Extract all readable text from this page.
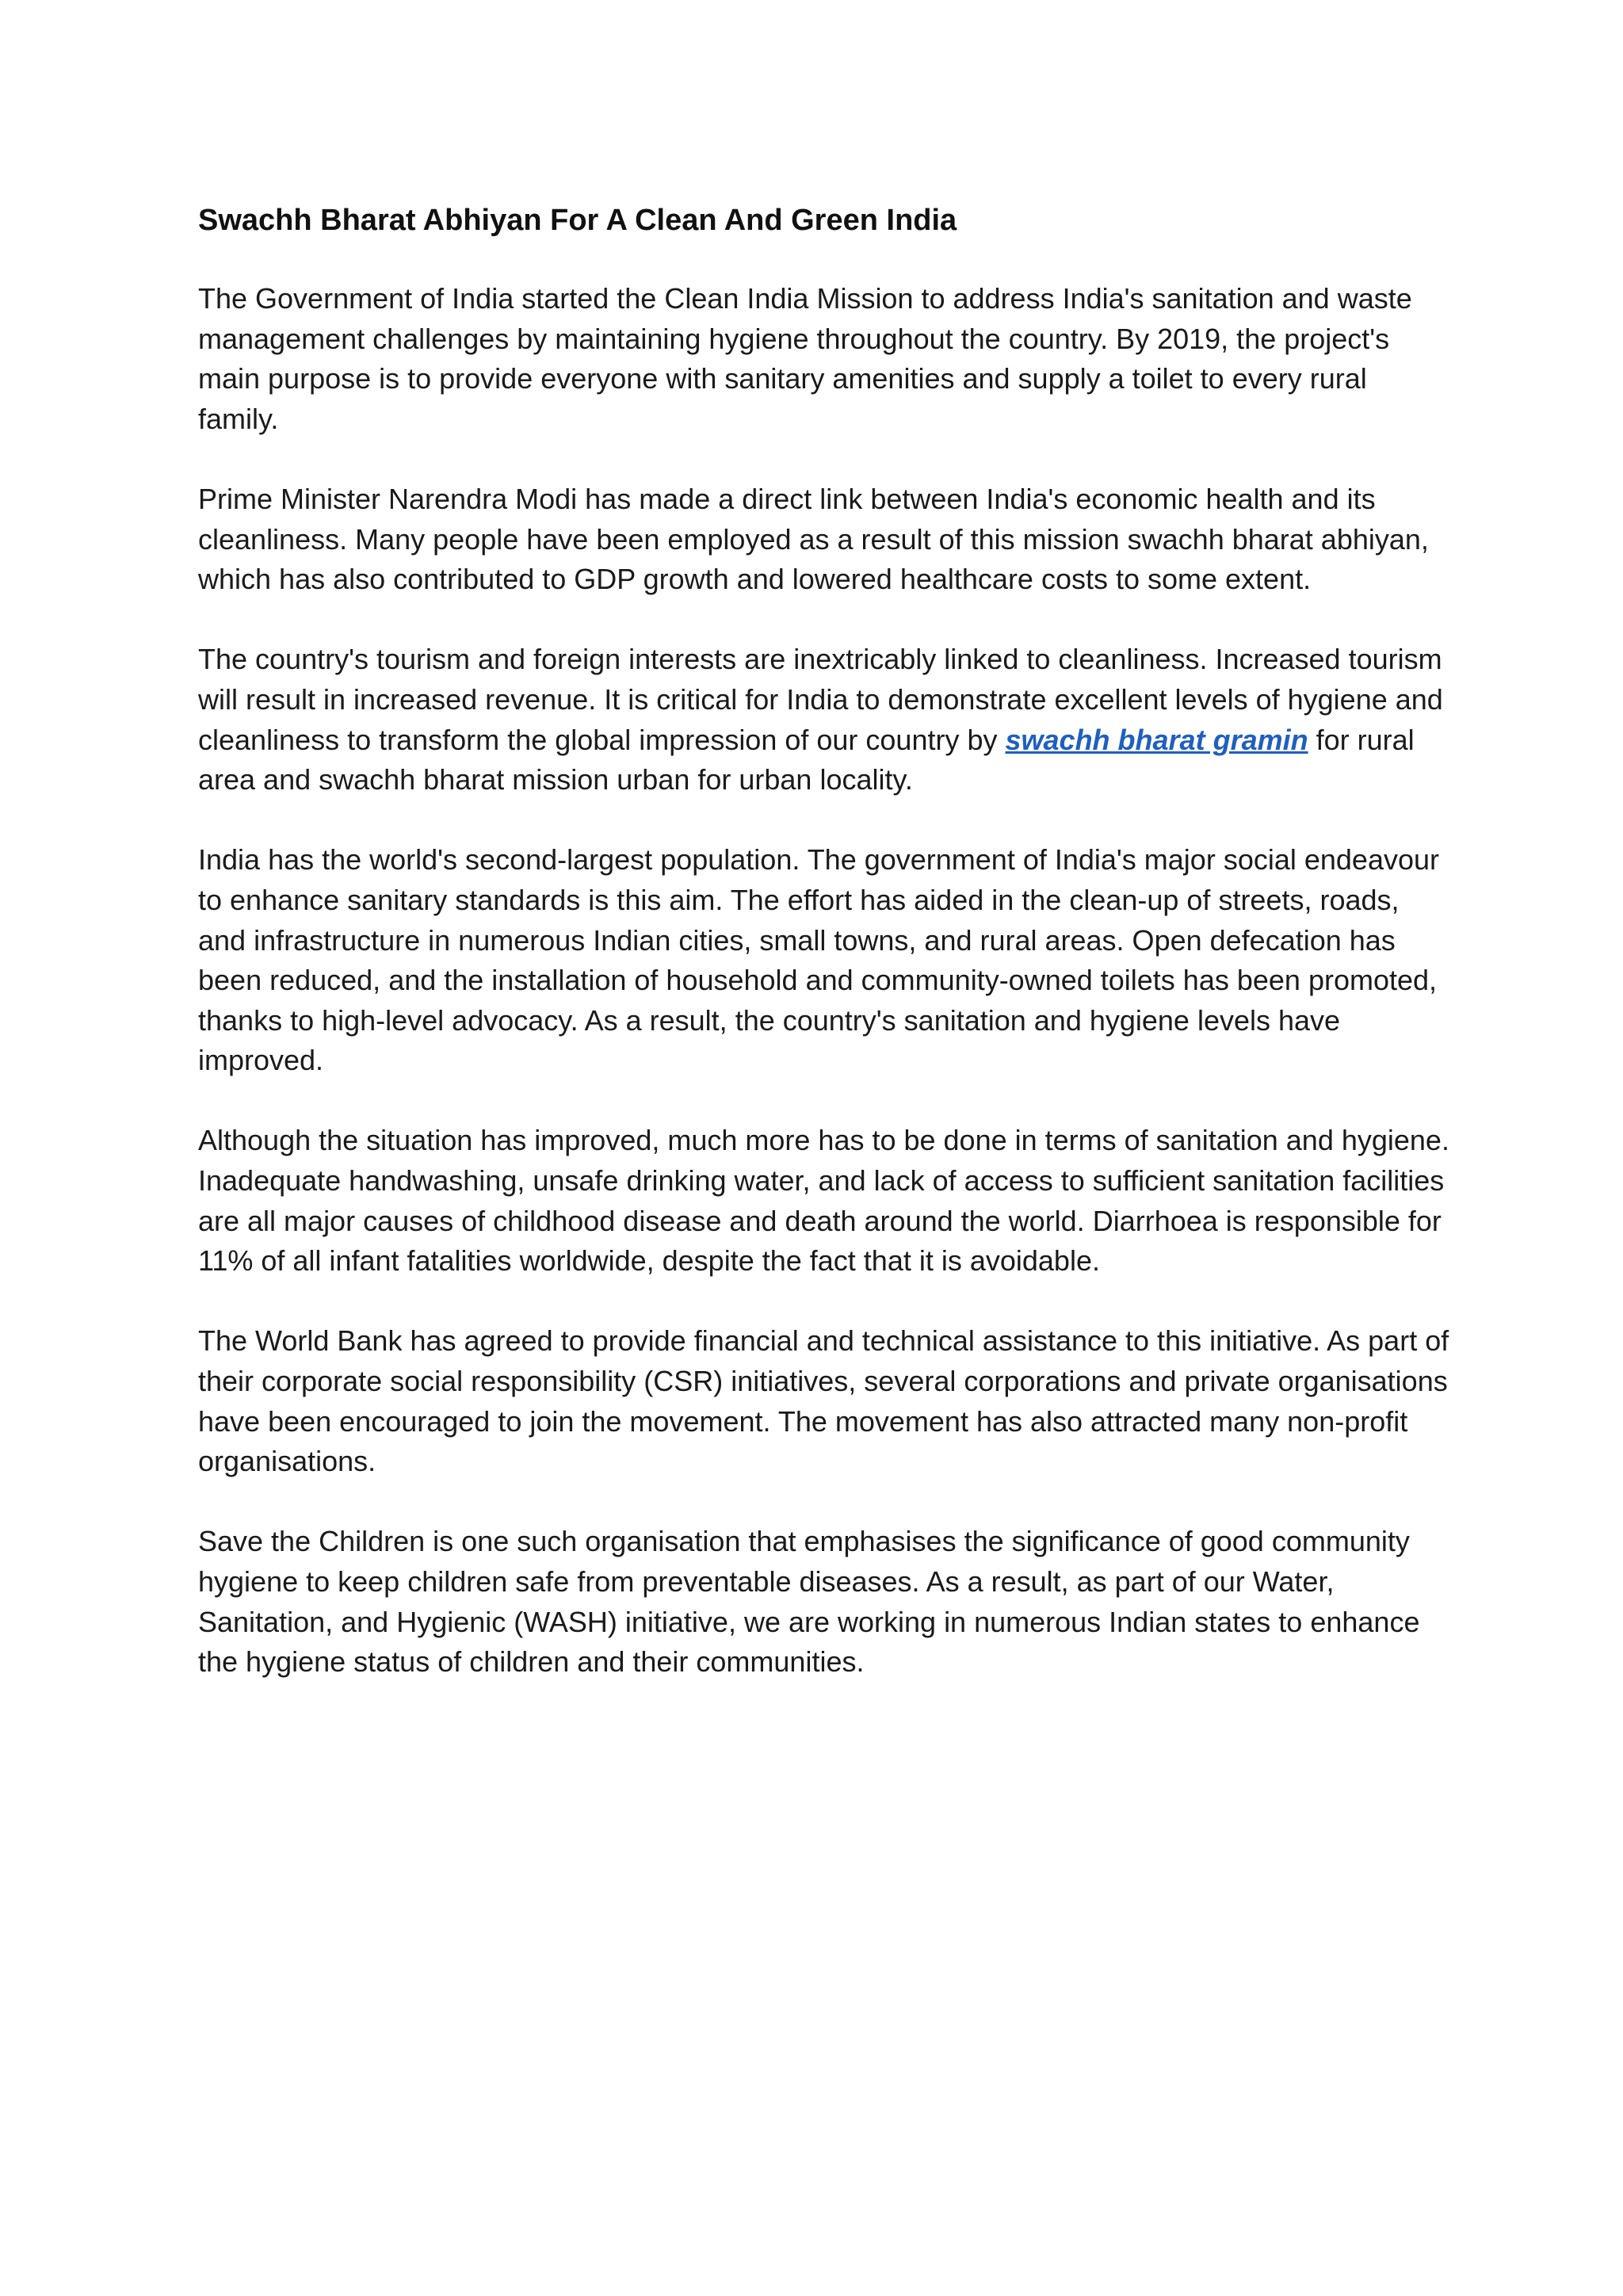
Swachh Bharat Abhiyan For A Clean And Green India

The Government of India started the Clean India Mission to address India's sanitation and waste management challenges by maintaining hygiene throughout the country. By 2019, the project's main purpose is to provide everyone with sanitary amenities and supply a toilet to every rural family.

Prime Minister Narendra Modi has made a direct link between India's economic health and its cleanliness. Many people have been employed as a result of this mission swachh bharat abhiyan, which has also contributed to GDP growth and lowered healthcare costs to some extent.

The country's tourism and foreign interests are inextricably linked to cleanliness. Increased tourism will result in increased revenue. It is critical for India to demonstrate excellent levels of hygiene and cleanliness to transform the global impression of our country by swachh bharat gramin for rural area and swachh bharat mission urban for urban locality.

India has the world's second-largest population. The government of India's major social endeavour to enhance sanitary standards is this aim. The effort has aided in the clean-up of streets, roads, and infrastructure in numerous Indian cities, small towns, and rural areas. Open defecation has been reduced, and the installation of household and community-owned toilets has been promoted, thanks to high-level advocacy. As a result, the country's sanitation and hygiene levels have improved.

Although the situation has improved, much more has to be done in terms of sanitation and hygiene. Inadequate handwashing, unsafe drinking water, and lack of access to sufficient sanitation facilities are all major causes of childhood disease and death around the world. Diarrhoea is responsible for 11% of all infant fatalities worldwide, despite the fact that it is avoidable.

The World Bank has agreed to provide financial and technical assistance to this initiative. As part of their corporate social responsibility (CSR) initiatives, several corporations and private organisations have been encouraged to join the movement. The movement has also attracted many non-profit organisations.

Save the Children is one such organisation that emphasises the significance of good community hygiene to keep children safe from preventable diseases. As a result, as part of our Water, Sanitation, and Hygienic (WASH) initiative, we are working in numerous Indian states to enhance the hygiene status of children and their communities.
